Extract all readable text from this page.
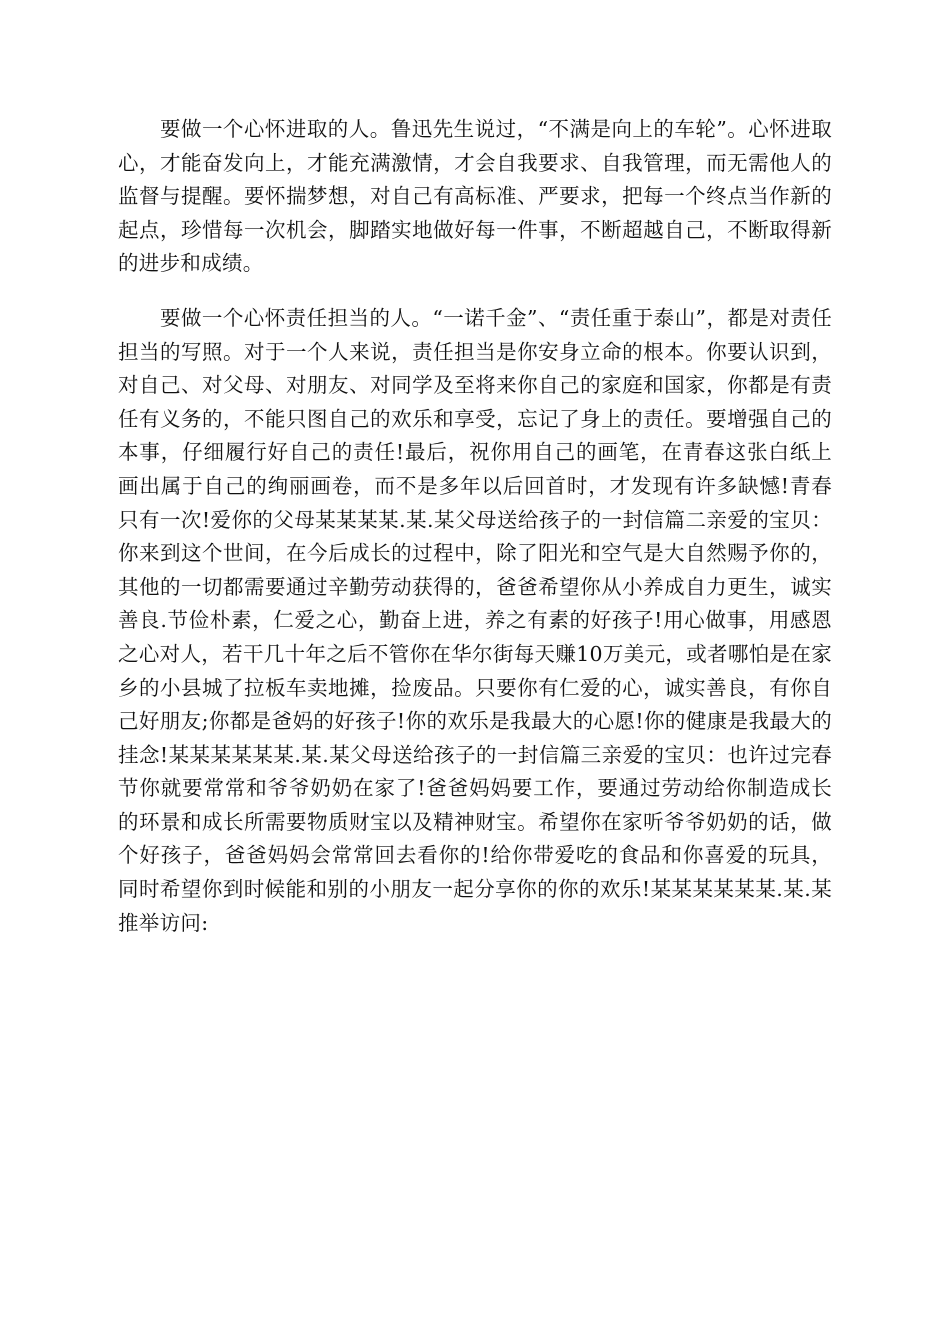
要做一个心怀进取的人。鲁迅先生说过，“不满是向上的车轮”。心怀进取心，才能奋发向上，才能充满激情，才会自我要求、自我管理，而无需他人的监督与提醒。要怀揣梦想，对自己有高标准、严要求，把每一个终点当作新的起点，珍惜每一次机会，脚踏实地做好每一件事，不断超越自己，不断取得新的进步和成绩。

要做一个心怀责任担当的人。“一诺千金”、“责任重于泰山”，都是对责任担当的写照。对于一个人来说，责任担当是你安身立命的根本。你要认识到，对自己、对父母、对朋友、对同学及至将来你自己的家庭和国家，你都是有责任有义务的，不能只图自己的欢乐和享受，忘记了身上的责任。要增强自己的本事，仔细履行好自己的责任!最后，祝你用自己的画笔，在青春这张白纸上画出属于自己的绚丽画卷，而不是多年以后回首时，才发现有许多缺憾!青春只有一次!爱你的父母某某某某.某.某父母送给孩子的一封信篇二亲爱的宝贝： 你来到这个世间，在今后成长的过程中，除了阳光和空气是大自然赐予你的，其他的一切都需要通过辛勤劳动获得的，爸爸希望你从小养成自力更生，诚实善良.节俭朴素，仁爱之心，勤奋上进，养之有素的好孩子!用心做事，用感恩之心对人，若干几十年之后不管你在华尔街每天赚10万美元，或者哪怕是在家乡的小县城了拉板车卖地摊，捡废品。只要你有仁爱的心，诚实善良，有你自己好朋友;你都是爸妈的好孩子!你的欢乐是我最大的心愿!你的健康是我最大的挂念!某某某某某某.某.某父母送给孩子的一封信篇三亲爱的宝贝：也许过完春节你就要常常和爷爷奶奶在家了!爸爸妈妈要工作，要通过劳动给你制造成长的环景和成长所需要物质财宝以及精神财宝。希望你在家听爷爷奶奶的话，做个好孩子，爸爸妈妈会常常回去看你的!给你带爱吃的食品和你喜爱的玩具，同时希望你到时候能和别的小朋友一起分享你的你的欢乐!某某某某某某.某.某推举访问:
